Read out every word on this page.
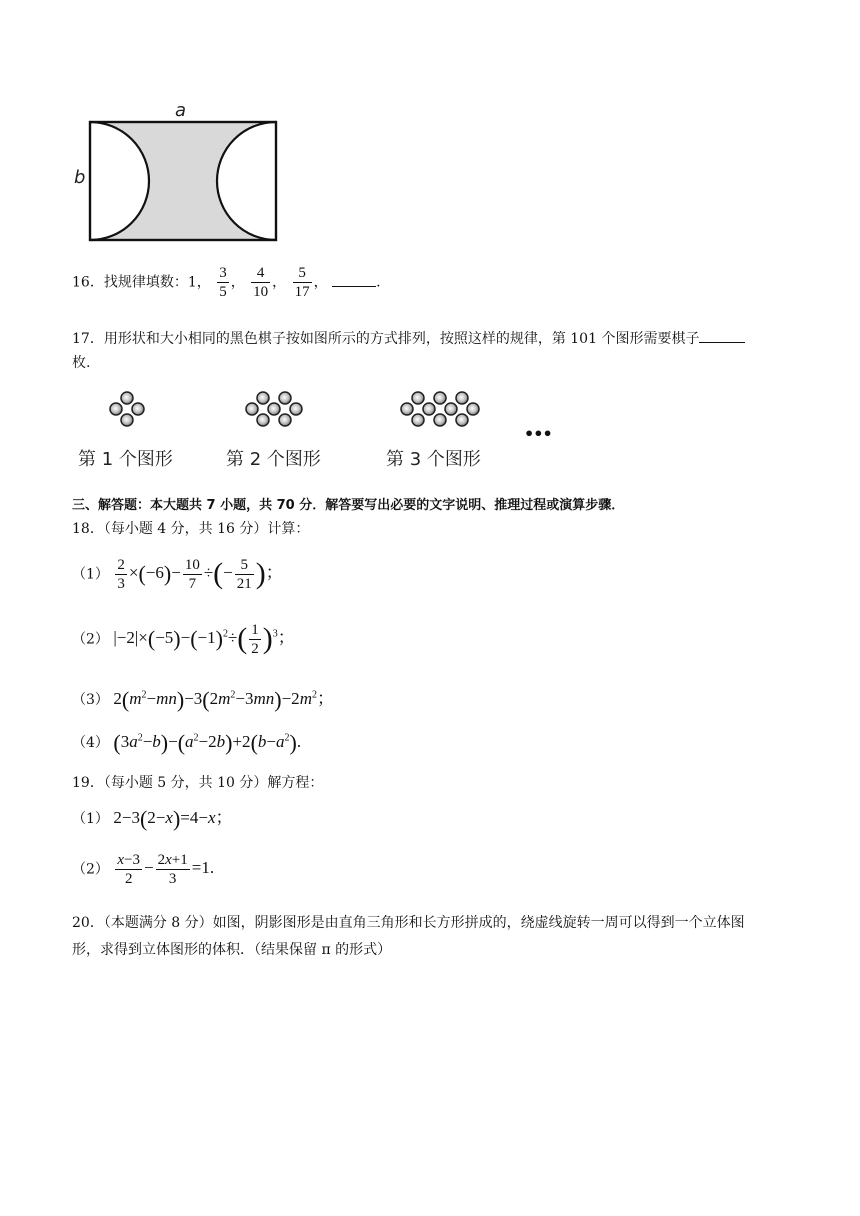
a
b
16．找规律填数：1， $\frac{3}{5}$ ， $\frac{4}{10}$ ， $\frac{5}{17}$ ，	.
17．用形状和大小相同的黑色棋子按如图所示的方式排列，按照这样的规律，第 101 个图形需要棋子
枚.
第 1 个图形	第 2 个图形	第 3 个图形
•••
三、解答题：本大题共 7 小题，共 70 分．解答要写出必要的文字说明、推理过程或演算步骤．
18．（每小题 4 分，共 16 分）计算：
$(1) \frac{2}{3} \times(-6)- \frac{10}{7}$ ÷(− $\frac{5}{21}$ )；
（2） $|-2|\times(-5)-(-1)^2\div( \frac{1}{2} )^3$；
（3） $2(m^2-mn)-3(2m^2-3mn)-2m^2$；
（4） $(3a^2-b)-(a^2-2b)+2(b-a^2)$.
19．（每小题 5 分，共 10 分）解方程：
（1） 2−3(2−x)=4−x；
$(2) \frac{x-3}{2} - \frac{2x+1}{3} =1$.
20．（本题满分 8 分）如图，阴影图形是由直角三角形和长方形拼成的，绕虚线旋转一周可以得到一个立体图
形，求得到立体图形的体积．（结果保留 π 的形式）
